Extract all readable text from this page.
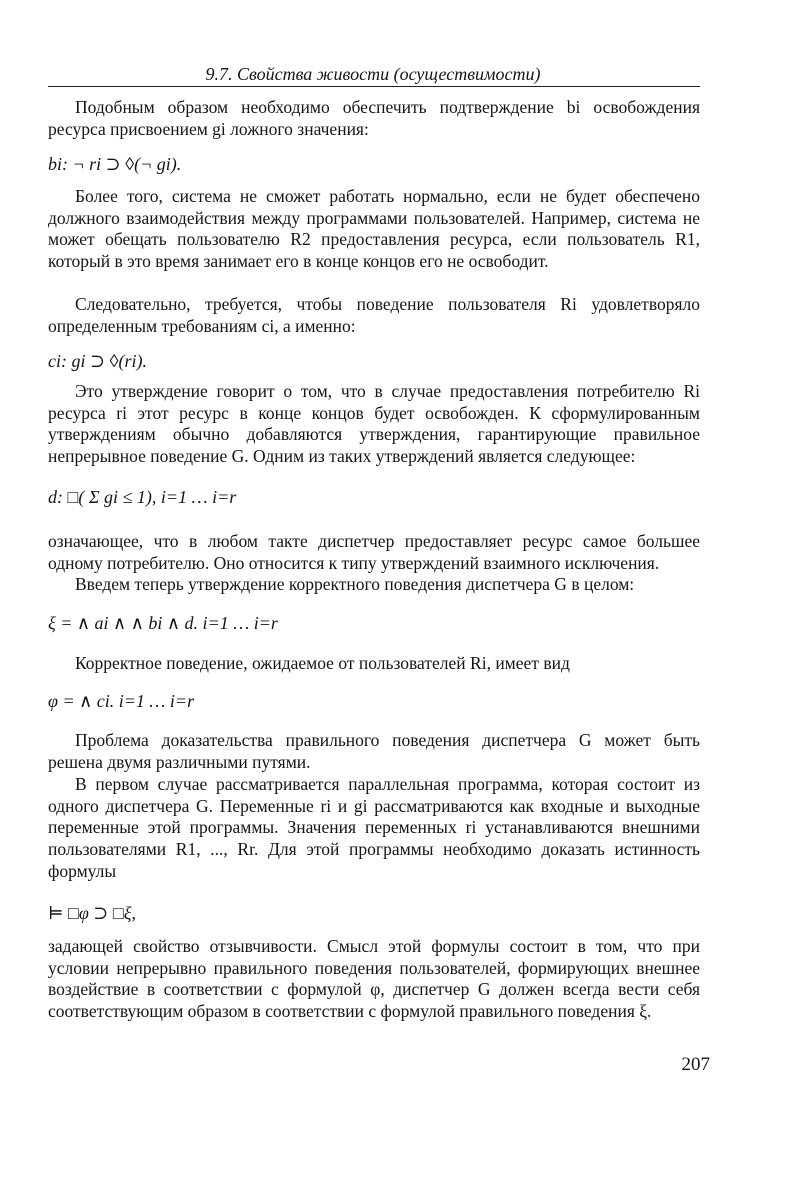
9.7. Свойства живости (осуществимости)

Подобным образом необходимо обеспечить подтверждение bi освобождения ресурса присвоением gi ложного значения:

bi: ¬ ri ⊃ ◊(¬ gi).

Более того, система не сможет работать нормально, если не будет обеспечено должного взаимодействия между программами пользователей. Например, система не может обещать пользователю R2 предоставления ресурса, если пользователь R1, который в это время занимает его в конце концов его не освободит.

Следовательно, требуется, чтобы поведение пользователя Ri удовлетворяло определенным требованиям ci, а именно:

ci: gi ⊃ ◊(ri).

Это утверждение говорит о том, что в случае предоставления потребителю Ri ресурса ri этот ресурс в конце концов будет освобожден. К сформулированным утверждениям обычно добавляются утверждения, гарантирующие правильное непрерывное поведение G. Одним из таких утверждений является следующее:

d: □( Σ gi ≤ 1), i=1 … i=r

означающее, что в любом такте диспетчер предоставляет ресурс самое большее одному потребителю. Оно относится к типу утверждений взаимного исключения.

Введем теперь утверждение корректного поведения диспетчера G в целом:

ξ = ∧ ai ∧ ∧ bi ∧ d. i=1 … i=r

Корректное поведение, ожидаемое от пользователей Ri, имеет вид

φ = ∧ ci. i=1 … i=r

Проблема доказательства правильного поведения диспетчера G может быть решена двумя различными путями.

В первом случае рассматривается параллельная программа, которая состоит из одного диспетчера G. Переменные ri и gi рассматриваются как входные и выходные переменные этой программы. Значения переменных ri устанавливаются внешними пользователями R1, ..., Rr. Для этой программы необходимо доказать истинность формулы

⊨ □φ ⊃ □ξ,

задающей свойство отзывчивости. Смысл этой формулы состоит в том, что при условии непрерывно правильного поведения пользователей, формирующих внешнее воздействие в соответствии с формулой φ, диспетчер G должен всегда вести себя соответствующим образом в соответствии с формулой правильного поведения ξ.

207
